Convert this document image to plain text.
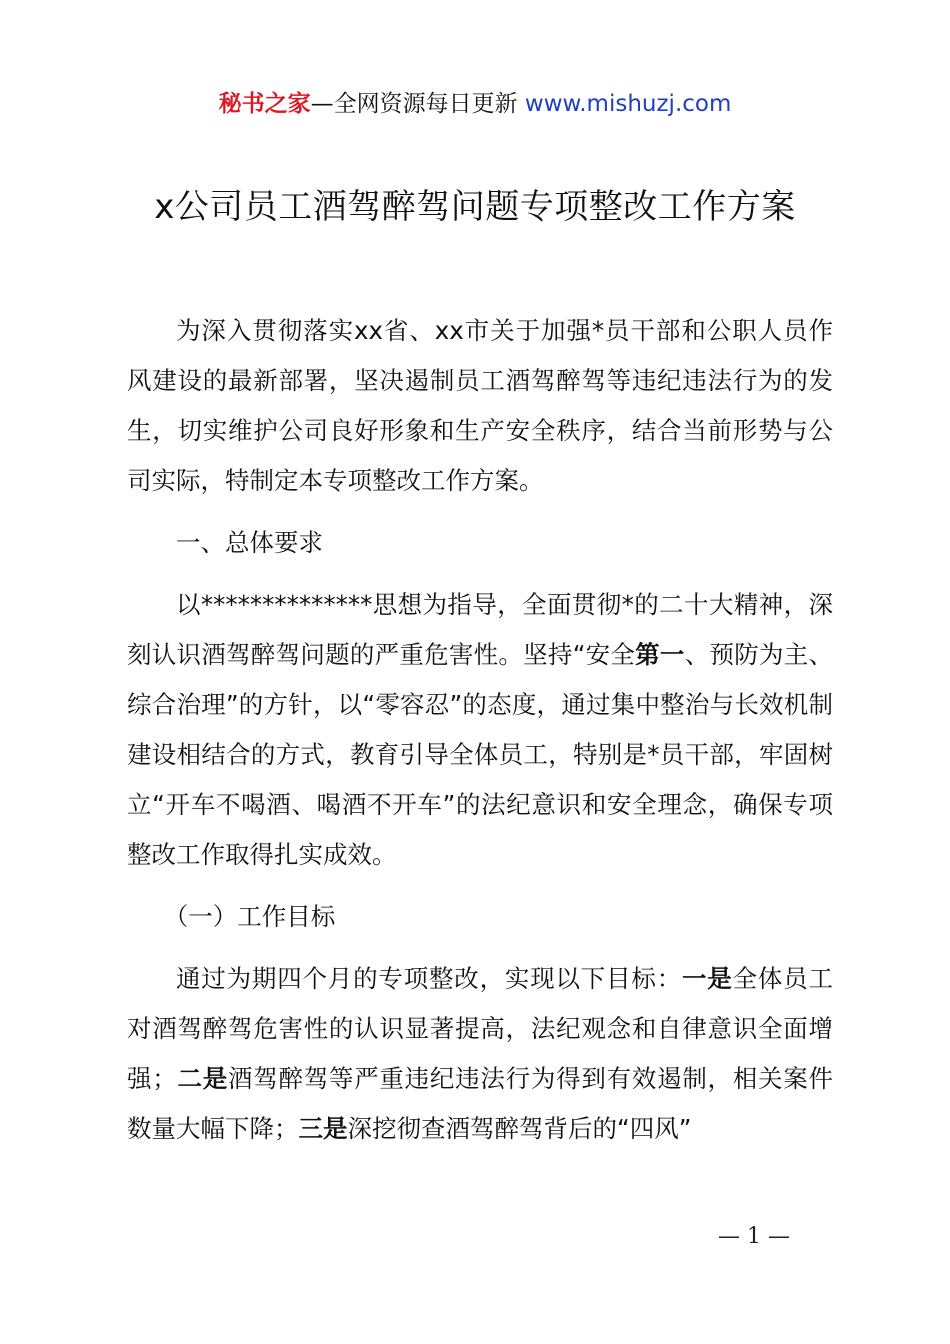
秘书之家—全网资源每日更新 www.mishuzj.com
x公司员工酒驾醉驾问题专项整改工作方案

为深入贯彻落实xx省、xx市关于加强*员干部和公职人员作风建设的最新部署，坚决遏制员工酒驾醉驾等违纪违法行为的发生，切实维护公司良好形象和生产安全秩序，结合当前形势与公司实际，特制定本专项整改工作方案。

一、总体要求

以**************思想为指导，全面贯彻*的二十大精神，深刻认识酒驾醉驾问题的严重危害性。坚持“安全第一、预防为主、综合治理”的方针，以“零容忍”的态度，通过集中整治与长效机制建设相结合的方式，教育引导全体员工，特别是*员干部，牢固树立“开车不喝酒、喝酒不开车”的法纪意识和安全理念，确保专项整改工作取得扎实成效。

（一）工作目标

通过为期四个月的专项整改，实现以下目标：一是全体员工对酒驾醉驾危害性的认识显著提高，法纪观念和自律意识全面增强；二是酒驾醉驾等严重违纪违法行为得到有效遏制，相关案件数量大幅下降；三是深挖彻查酒驾醉驾背后的“四风”

— 1 —
